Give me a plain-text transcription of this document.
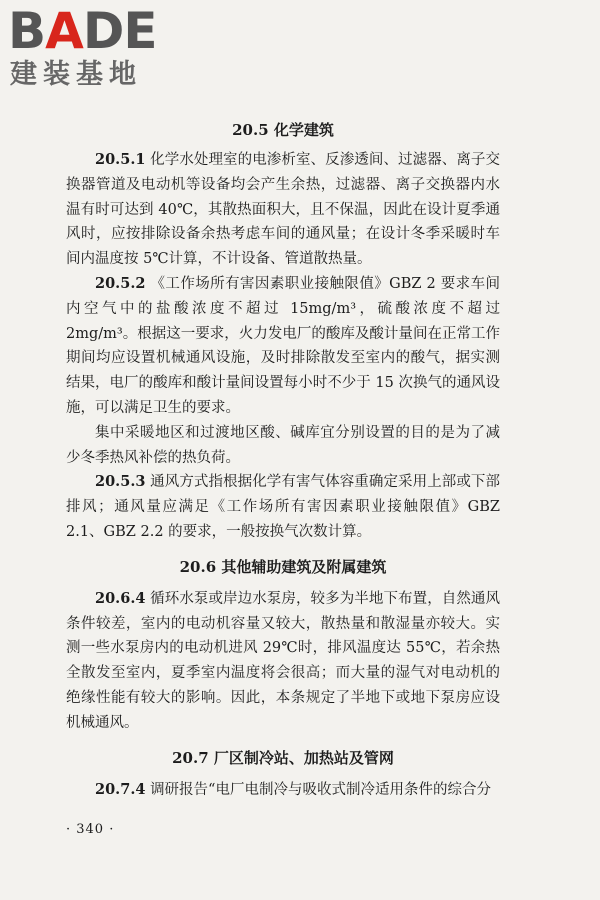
BADE
建装基地
20.5 化学建筑

20.5.1 化学水处理室的电渗析室、反渗透间、过滤器、离子交换器管道及电动机等设备均会产生余热，过滤器、离子交换器内水温有时可达到 40℃，其散热面积大，且不保温，因此在设计夏季通风时，应按排除设备余热考虑车间的通风量；在设计冬季采暖时车间内温度按 5℃计算，不计设备、管道散热量。

20.5.2 《工作场所有害因素职业接触限值》GBZ 2 要求车间内空气中的盐酸浓度不超过 15mg/m³，硫酸浓度不超过 2mg/m³。根据这一要求，火力发电厂的酸库及酸计量间在正常工作期间均应设置机械通风设施，及时排除散发至室内的酸气，据实测结果，电厂的酸库和酸计量间设置每小时不少于 15 次换气的通风设施，可以满足卫生的要求。

集中采暖地区和过渡地区酸、碱库宜分别设置的目的是为了减少冬季热风补偿的热负荷。

20.5.3 通风方式指根据化学有害气体容重确定采用上部或下部排风；通风量应满足《工作场所有害因素职业接触限值》GBZ 2.1、GBZ 2.2 的要求，一般按换气次数计算。

20.6 其他辅助建筑及附属建筑

20.6.4 循环水泵或岸边水泵房，较多为半地下布置，自然通风条件较差，室内的电动机容量又较大，散热量和散湿量亦较大。实测一些水泵房内的电动机进风 29℃时，排风温度达 55℃，若余热全散发至室内，夏季室内温度将会很高；而大量的湿气对电动机的绝缘性能有较大的影响。因此，本条规定了半地下或地下泵房应设机械通风。

20.7 厂区制冷站、加热站及管网

20.7.4 调研报告“电厂电制冷与吸收式制冷适用条件的综合分

· 340 ·
